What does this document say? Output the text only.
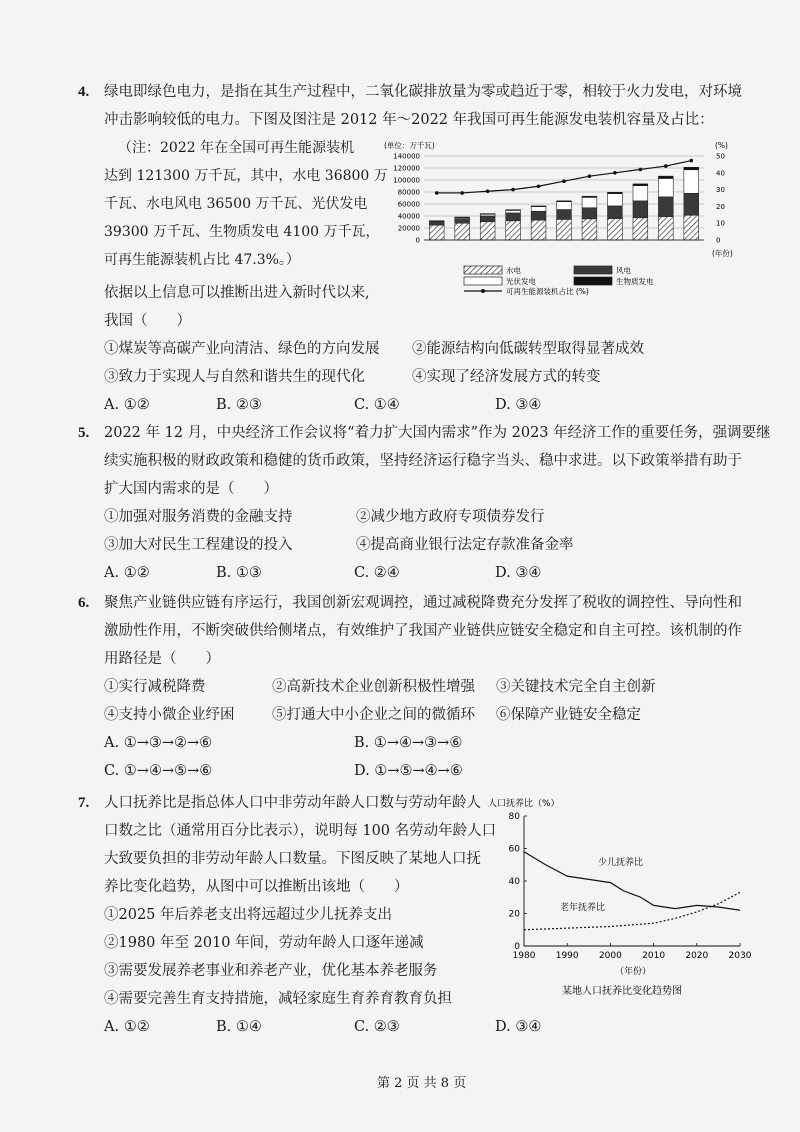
4. 绿电即绿色电力，是指在其生产过程中，二氧化碳排放量为零或趋近于零，相较于火力发电，对环境
冲击影响较低的电力。下图及图注是 2012 年～2022 年我国可再生能源发电装机容量及占比：
（注：2022 年在全国可再生能源装机
达到 121300 万千瓦，其中，水电 36800 万
千瓦、水电风电 36500 万千瓦、光伏发电
39300 万千瓦、生物质发电 4100 万千瓦，
可再生能源装机占比 47.3%。）
(单位：万千瓦)	(%)
(年份)
0
20000
40000
60000
80000
100000
120000
140000
0
10
20
30
40
50
水电	风电
光伏发电	生物质发电
可再生能源装机占比 (%)
依据以上信息可以推断出进入新时代以来,
我国（　　）
①煤炭等高碳产业向清洁、绿色的方向发展 ②能源结构向低碳转型取得显著成效
③致力于实现人与自然和谐共生的现代化	④实现了经济发展方式的转变
A. ①②	B. ②③	C. ①④	D. ③④
5. 2022 年 12 月，中央经济工作会议将“着力扩大国内需求”作为 2023 年经济工作的重要任务，强调要继
续实施积极的财政政策和稳健的货币政策，坚持经济运行稳字当头、稳中求进。以下政策举措有助于
扩大国内需求的是（　　）
①加强对服务消费的金融支持	②减少地方政府专项债券发行
③加大对民生工程建设的投入	④提高商业银行法定存款准备金率
A. ①②	B. ①③	C. ②④	D. ③④
6. 聚焦产业链供应链有序运行，我国创新宏观调控，通过减税降费充分发挥了税收的调控性、导向性和
激励性作用，不断突破供给侧堵点，有效维护了我国产业链供应链安全稳定和自主可控。该机制的作
用路径是（　　）
①实行减税降费	②高新技术企业创新积极性增强 ③关键技术完全自主创新
④支持小微企业纾困	⑤打通大中小企业之间的微循环 ⑥保障产业链安全稳定
A. ①→③→②→⑥	B. ①→④→③→⑥
C. ①→④→⑤→⑥	D. ①→⑤→④→⑥
7. 人口抚养比是指总体人口中非劳动年龄人口数与劳动年龄人
口数之比（通常用百分比表示），说明每 100 名劳动年龄人口
大致要负担的非劳动年龄人口数量。下图反映了某地人口抚
养比变化趋势，从图中可以推断出该地（　　）
①2025 年后养老支出将远超过少儿抚养支出
②1980 年至 2010 年间，劳动年龄人口逐年递减
③需要发展养老事业和养老产业，优化基本养老服务
④需要完善生育支持措施，减轻家庭生育养育教育负担
A. ①②	B. ①④	C. ②③	D. ③④
人口抚养比（%）
（年份）
某地人口抚养比变化趋势图
少儿抚养比
老年抚养比
0
20
40
60
80
1980 1990 2000 2010 2020 2030
第 2 页 共 8 页
